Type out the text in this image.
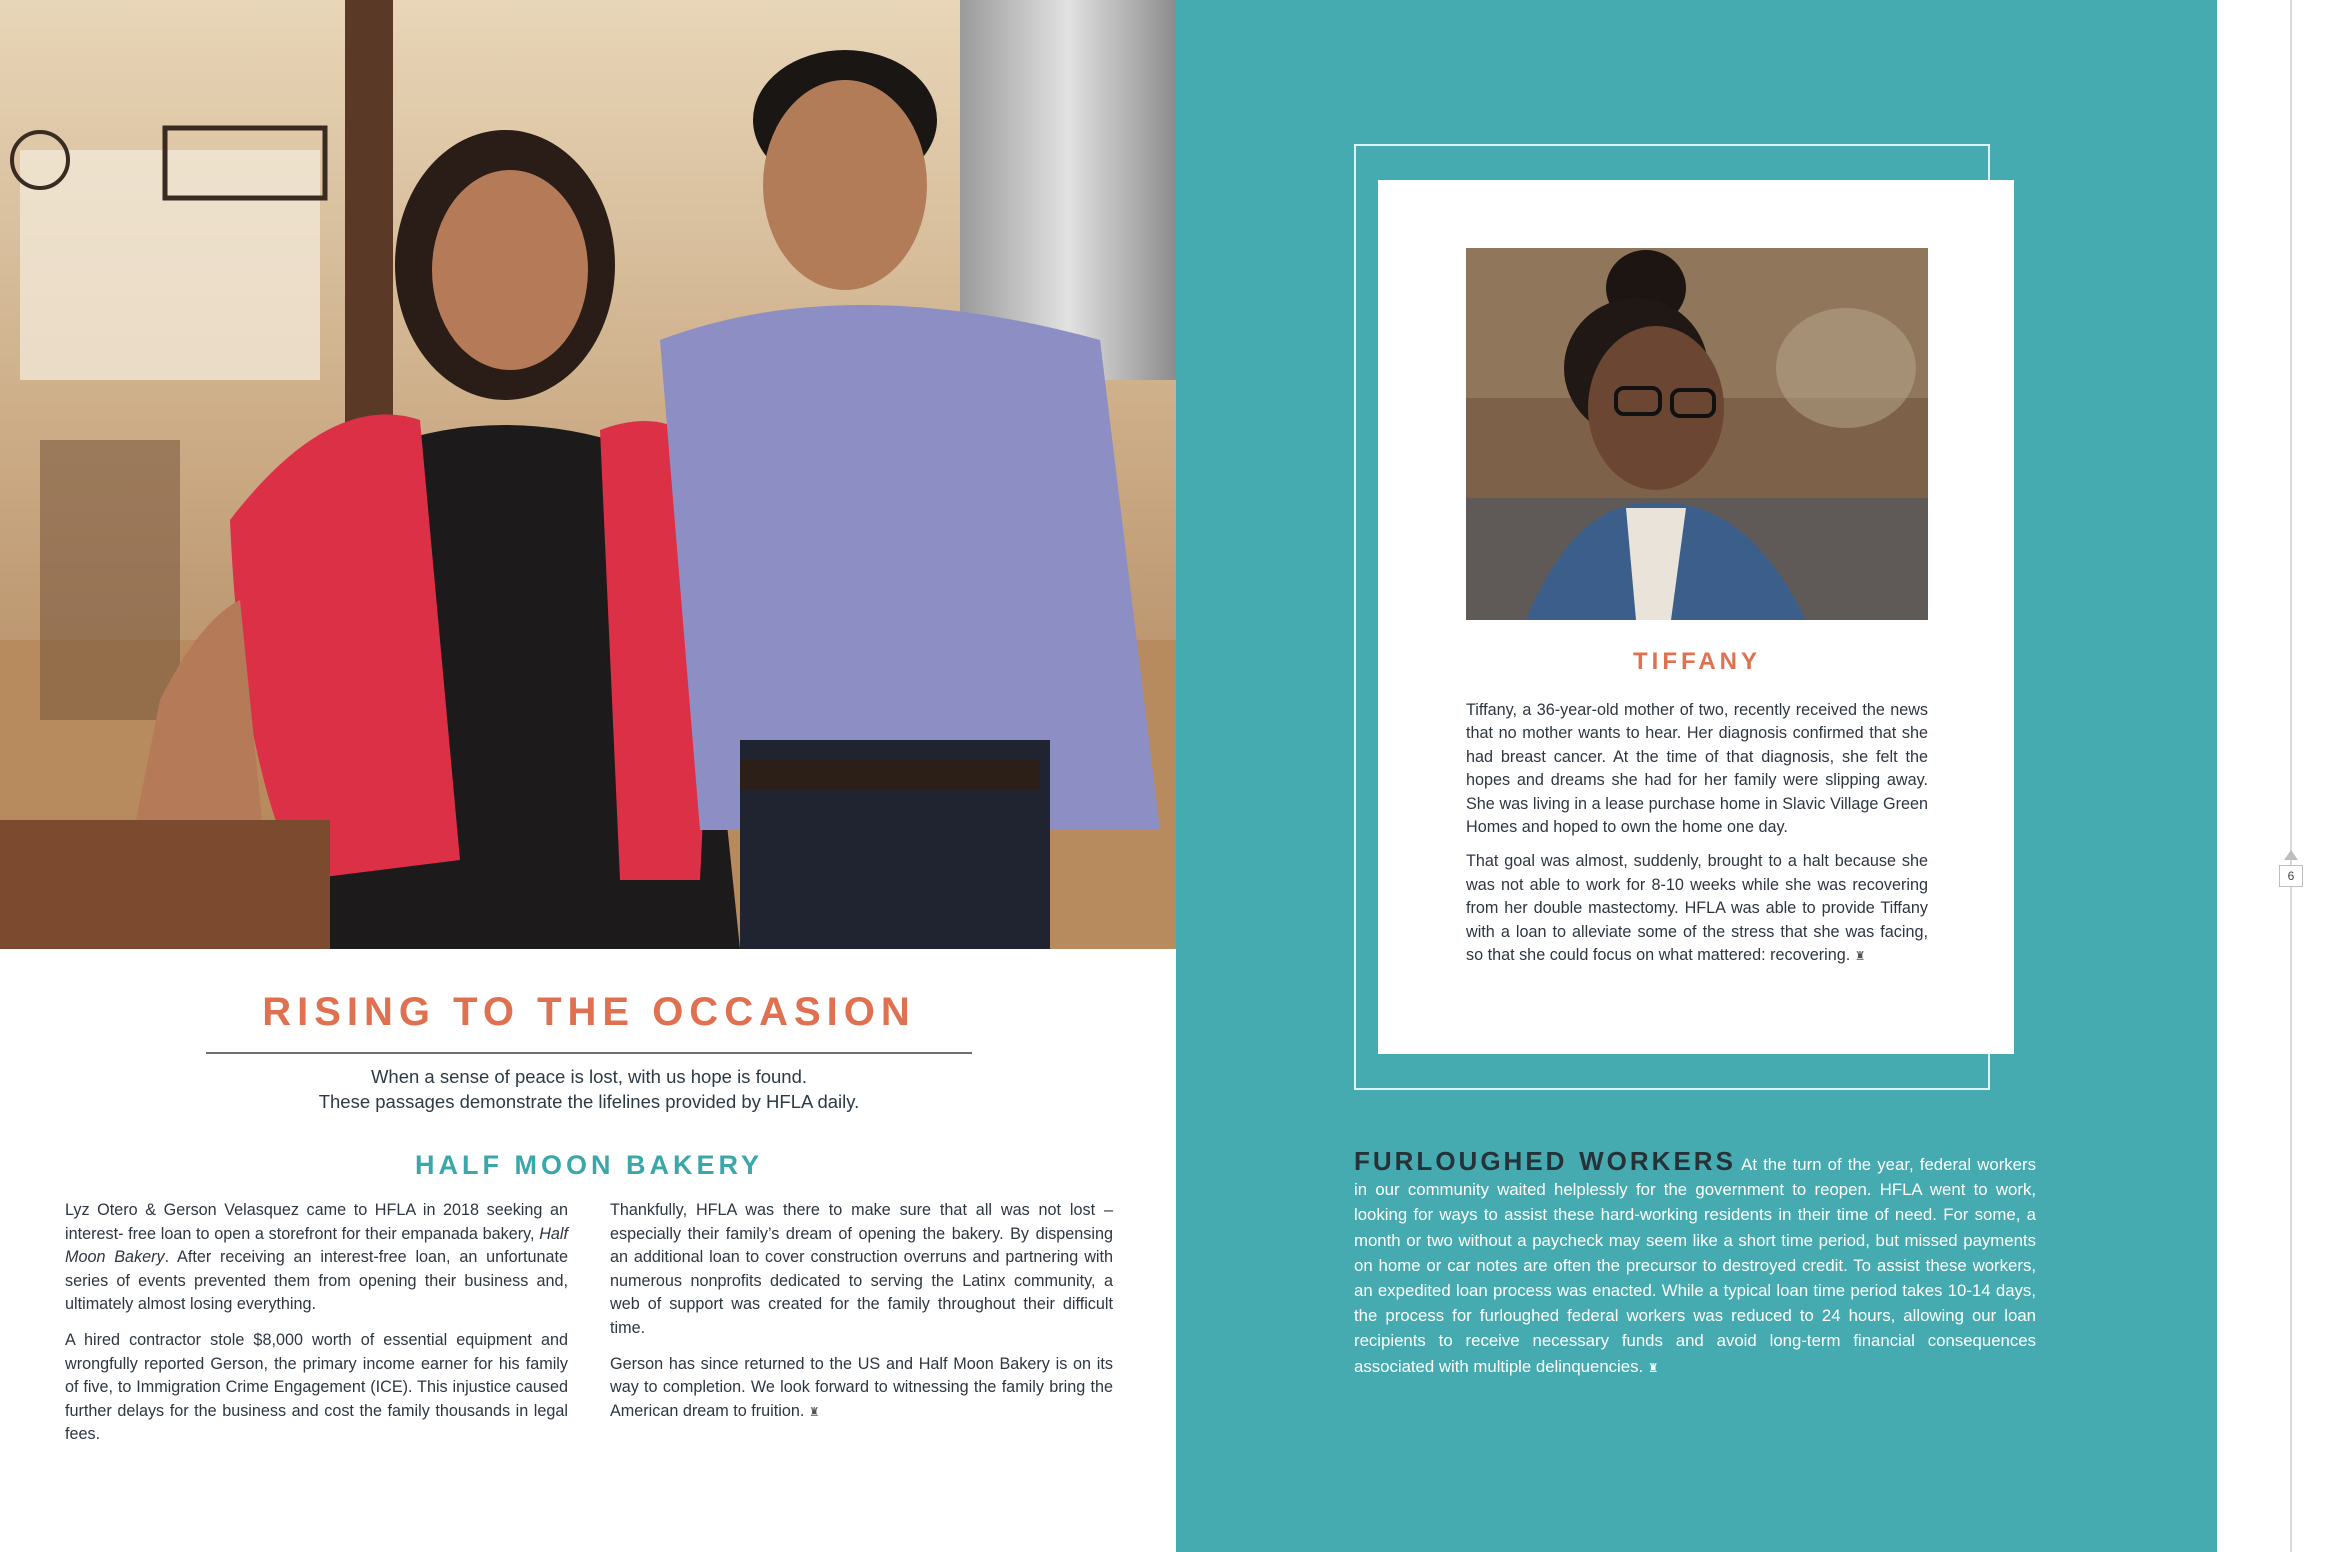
RISING TO THE OCCASION
When a sense of peace is lost, with us hope is found.
These passages demonstrate the lifelines provided by HFLA daily.
HALF MOON BAKERY

Lyz Otero & Gerson Velasquez came to HFLA in 2018 seeking an interest- free loan to open a storefront for their empanada bakery, Half Moon Bakery. After receiving an interest-free loan, an unfortunate series of events prevented them from opening their business and, ultimately almost losing everything.

A hired contractor stole $8,000 worth of essential equipment and wrongfully reported Gerson, the primary income earner for his family of five, to Immigration Crime Engagement (ICE). This injustice caused further delays for the business and cost the family thousands in legal fees.

Thankfully, HFLA was there to make sure that all was not lost – especially their family’s dream of opening the bakery. By dispensing an additional loan to cover construction overruns and partnering with numerous nonprofits dedicated to serving the Latinx community, a web of support was created for the family throughout their difficult time.

Gerson has since returned to the US and Half Moon Bakery is on its way to completion. We look forward to witnessing the family bring the American dream to fruition. ♜

TIFFANY

Tiffany, a 36-year-old mother of two, recently received the news that no mother wants to hear. Her diagnosis confirmed that she had breast cancer. At the time of that diagnosis, she felt the hopes and dreams she had for her family were slipping away. She was living in a lease purchase home in Slavic Village Green Homes and hoped to own the home one day.

That goal was almost, suddenly, brought to a halt because she was not able to work for 8-10 weeks while she was recovering from her double mastectomy. HFLA was able to provide Tiffany with a loan to alleviate some of the stress that she was facing, so that she could focus on what mattered: recovering. ♜

FURLOUGHED WORKERS At the turn of the year, federal workers in our community waited helplessly for the government to reopen. HFLA went to work, looking for ways to assist these hard-working residents in their time of need. For some, a month or two without a paycheck may seem like a short time period, but missed payments on home or car notes are often the precursor to destroyed credit. To assist these workers, an expedited loan process was enacted. While a typical loan time period takes 10-14 days, the process for furloughed federal workers was reduced to 24 hours, allowing our loan recipients to receive necessary funds and avoid long-term financial consequences associated with multiple delinquencies. ♜
6
